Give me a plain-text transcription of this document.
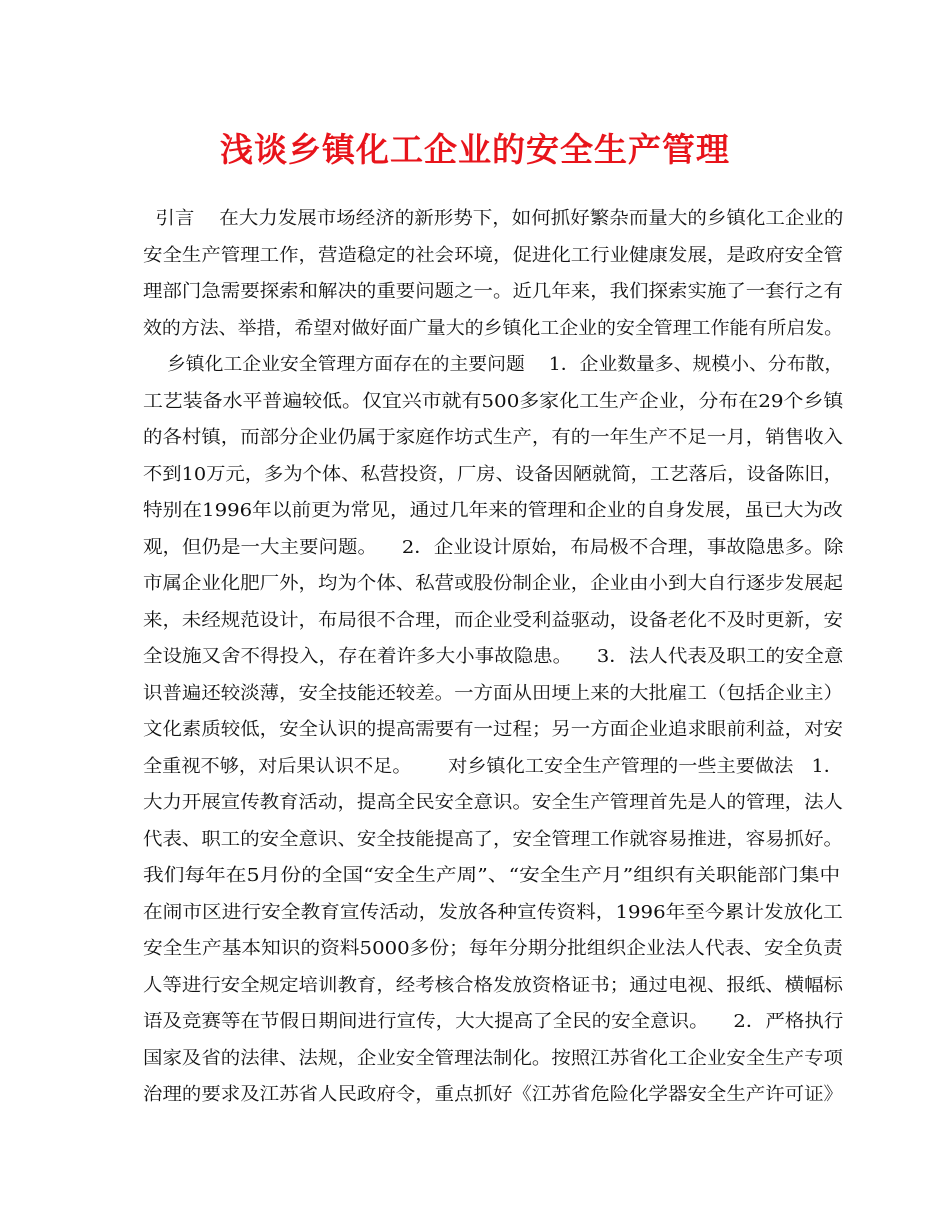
浅谈乡镇化工企业的安全生产管理
引言    在大力发展市场经济的新形势下，如何抓好繁杂而量大的乡镇化工企业的
安全生产管理工作，营造稳定的社会环境，促进化工行业健康发展，是政府安全管
理部门急需要探索和解决的重要问题之一。近几年来，我们探索实施了一套行之有
效的方法、举措，希望对做好面广量大的乡镇化工企业的安全管理工作能有所启发。
乡镇化工企业安全管理方面存在的主要问题    1．企业数量多、规模小、分布散，
工艺装备水平普遍较低。仅宜兴市就有500多家化工生产企业，分布在29个乡镇
的各村镇，而部分企业仍属于家庭作坊式生产，有的一年生产不足一月，销售收入
不到10万元，多为个体、私营投资，厂房、设备因陋就简，工艺落后，设备陈旧，
特别在1996年以前更为常见，通过几年来的管理和企业的自身发展，虽已大为改
观，但仍是一大主要问题。    2．企业设计原始，布局极不合理，事故隐患多。除
市属企业化肥厂外，均为个体、私营或股份制企业，企业由小到大自行逐步发展起
来，未经规范设计，布局很不合理，而企业受利益驱动，设备老化不及时更新，安
全设施又舍不得投入，存在着许多大小事故隐患。    3．法人代表及职工的安全意
识普遍还较淡薄，安全技能还较差。一方面从田埂上来的大批雇工（包括企业主）
文化素质较低，安全认识的提高需要有一过程；另一方面企业追求眼前利益，对安
全重视不够，对后果认识不足。      对乡镇化工安全生产管理的一些主要做法   1．
大力开展宣传教育活动，提高全民安全意识。安全生产管理首先是人的管理，法人
代表、职工的安全意识、安全技能提高了，安全管理工作就容易推进，容易抓好。
我们每年在5月份的全国“安全生产周”、“安全生产月”组织有关职能部门集中
在闹市区进行安全教育宣传活动，发放各种宣传资料，1996年至今累计发放化工
安全生产基本知识的资料5000多份；每年分期分批组织企业法人代表、安全负责
人等进行安全规定培训教育，经考核合格发放资格证书；通过电视、报纸、横幅标
语及竞赛等在节假日期间进行宣传，大大提高了全民的安全意识。    2．严格执行
国家及省的法律、法规，企业安全管理法制化。按照江苏省化工企业安全生产专项
治理的要求及江苏省人民政府令，重点抓好《江苏省危险化学器安全生产许可证》
